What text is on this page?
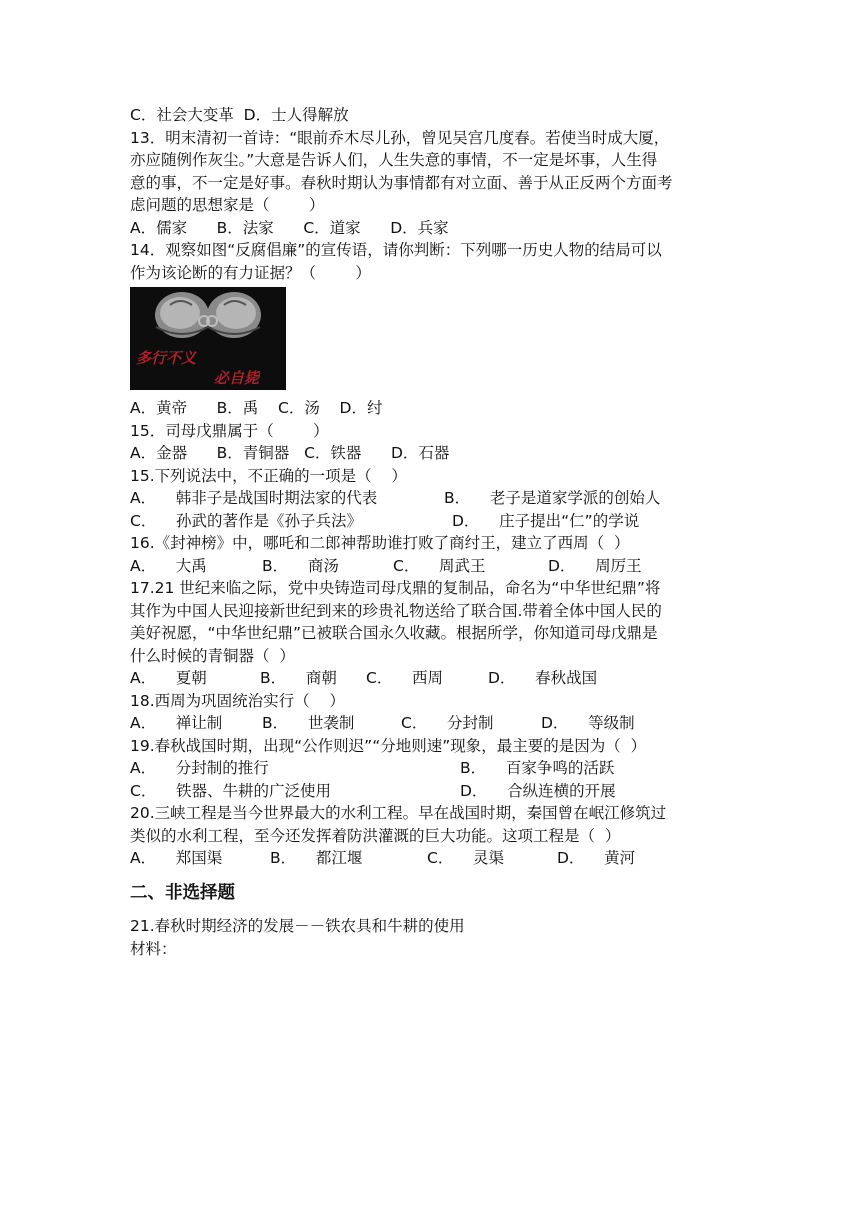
C．社会大变革  D．士人得解放
13．明末清初一首诗：“眼前乔木尽儿孙，曾见吴宫几度春。若使当时成大厦，
亦应随例作灰尘。”大意是告诉人们，人生失意的事情，不一定是坏事，人生得
意的事，不一定是好事。春秋时期认为事情都有对立面、善于从正反两个方面考
虑问题的思想家是（        ）
A．儒家      B．法家      C．道家      D．兵家
14．观察如图“反腐倡廉”的宣传语，请你判断：下列哪一历史人物的结局可以
作为该论断的有力证据？（        ）
多行不义
必自毙
A．黄帝      B．禹    C．汤    D．纣
15．司母戊鼎属于（        ）
A．金器      B．青铜器   C．铁器      D．石器
15.下列说法中，不正确的一项是（    ）
A．    韩非子是战国时期法家的代表	B．    老子是道家学派的创始人
C．    孙武的著作是《孙子兵法》	D．    庄子提出“仁”的学说
16.《封神榜》中，哪吒和二郎神帮助谁打败了商纣王，建立了西周（  ）
A．    大禹	B．    商汤	C．    周武王	D．    周厉王
17.21 世纪来临之际，党中央铸造司母戊鼎的复制品，命名为“中华世纪鼎”将
其作为中国人民迎接新世纪到来的珍贵礼物送给了联合国.带着全体中国人民的
美好祝愿，“中华世纪鼎”已被联合国永久收藏。根据所学，你知道司母戊鼎是
什么时候的青铜器（  ）
A．    夏朝	B．    商朝 C．    西周	D．    春秋战国
18.西周为巩固统治实行（    ）
A．    禅让制	B．    世袭制	C．    分封制	D．    等级制
19.春秋战国时期，出现“公作则迟”“分地则速”现象，最主要的是因为（  ）
A．    分封制的推行	B．    百家争鸣的活跃
C．    铁器、牛耕的广泛使用	D．    合纵连横的开展
20.三峡工程是当今世界最大的水利工程。早在战国时期，秦国曾在岷江修筑过
类似的水利工程，至今还发挥着防洪灌溉的巨大功能。这项工程是（  ）
A．    郑国渠	B．    都江堰	C．    灵渠	D．    黄河
二、非选择题
21.春秋时期经济的发展－－铁农具和牛耕的使用
材料：
